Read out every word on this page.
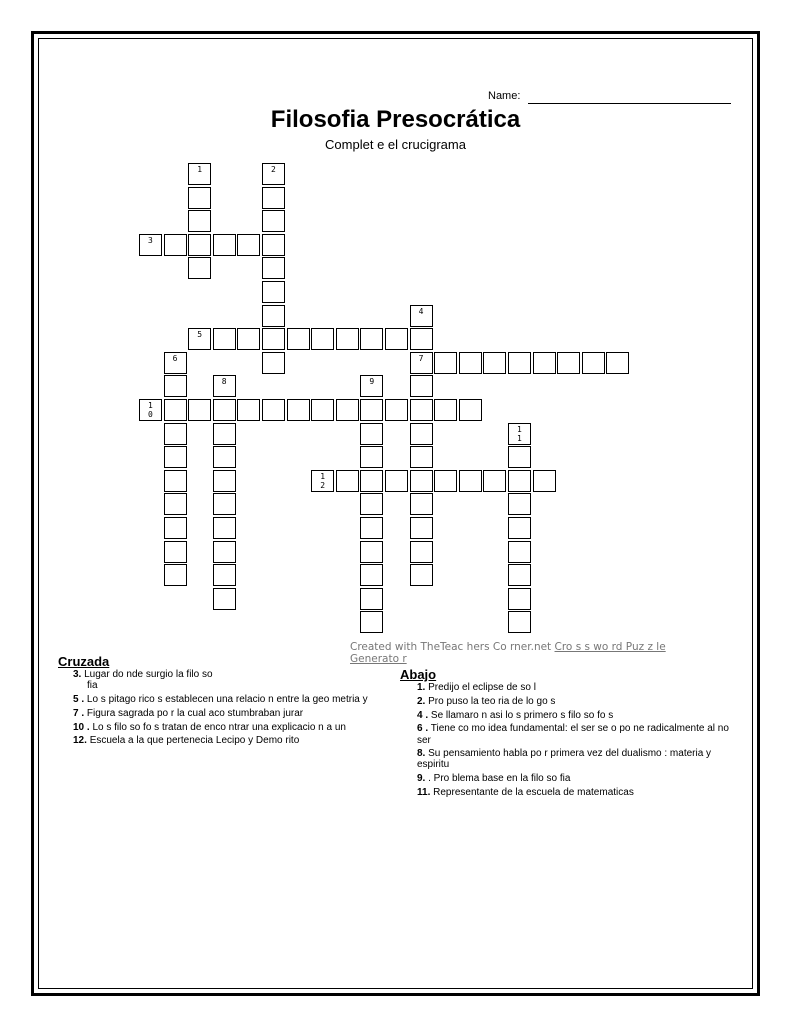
Name:
Filosofia Presocrática
Complet e el crucigrama
1	2
3
4
7
5
6
8	9
10
11
12
Created with TheTeac hers Co rner.net Cro s s wo rd Puz z le Generato r
Cruzada
3. Lugar do nde surgio la filo so
fia
5 . Lo s pitago rico s establecen una relacio n entre la geo metria y
7 . Figura sagrada po r la cual aco stumbraban jurar
10 . Lo s filo so fo s tratan de enco ntrar una explicacio n a un
12. Escuela a la que pertenecia Lecipo y Demo rito
Abajo
1. Predijo el eclipse de so l
2. Pro puso la teo ria de lo go s
4 . Se llamaro n asi lo s primero s filo so fo s
6 . Tiene co mo idea fundamental: el ser se o po ne radicalmente al no ser
8. Su pensamiento habla po r primera vez del dualismo : materia y espiritu
9. . Pro blema base en la filo so fia
11. Representante de la escuela de matematicas
